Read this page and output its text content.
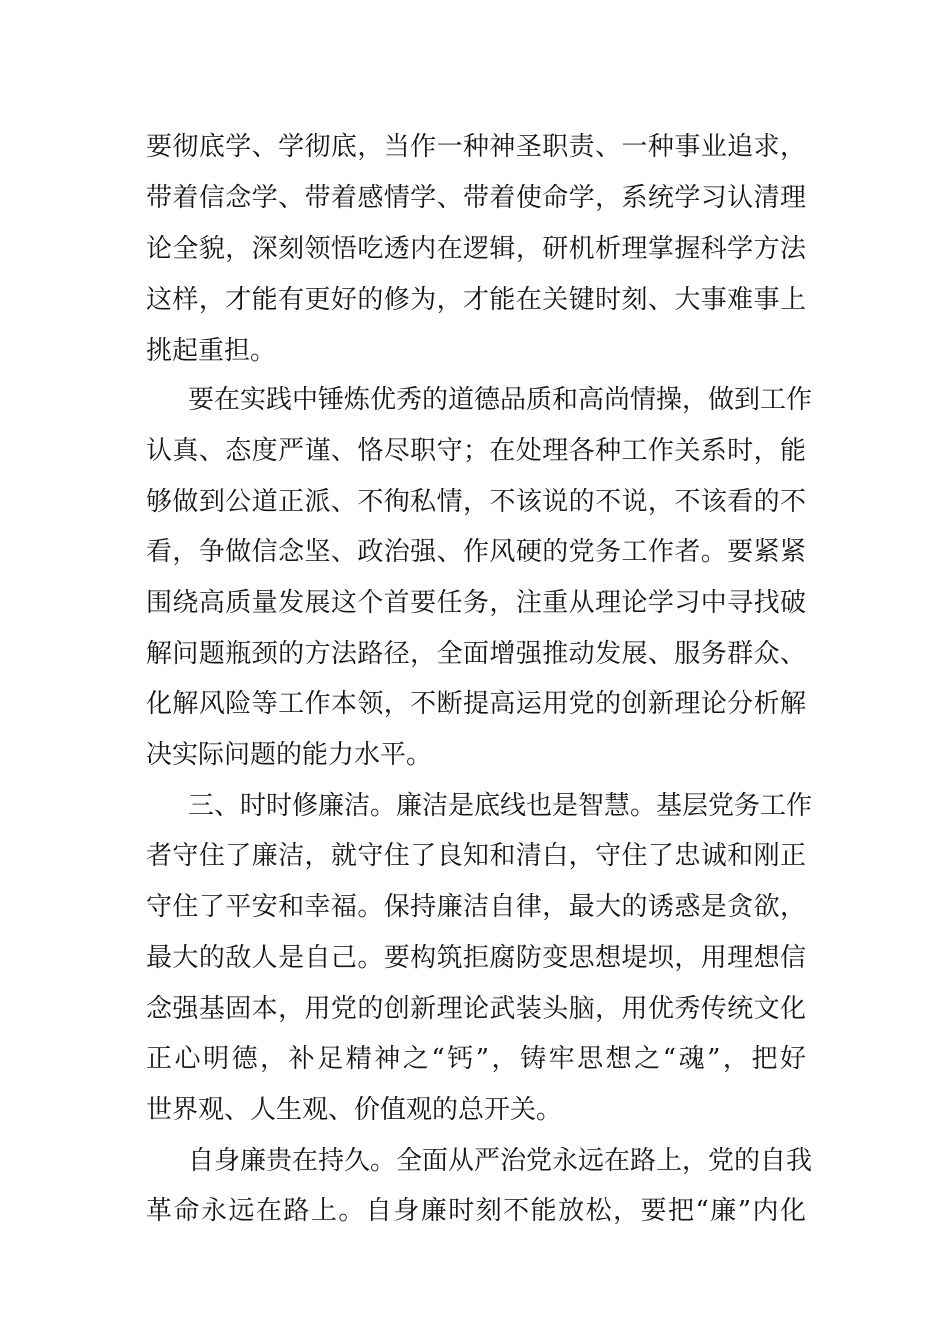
要彻底学、学彻底，当作一种神圣职责、一种事业追求，
带着信念学、带着感情学、带着使命学，系统学习认清理
论全貌，深刻领悟吃透内在逻辑，研机析理掌握科学方法
这样，才能有更好的修为，才能在关键时刻、大事难事上
挑起重担。
要在实践中锤炼优秀的道德品质和高尚情操，做到工作
认真、态度严谨、恪尽职守；在处理各种工作关系时，能
够做到公道正派、不徇私情，不该说的不说，不该看的不
看，争做信念坚、政治强、作风硬的党务工作者。要紧紧
围绕高质量发展这个首要任务，注重从理论学习中寻找破
解问题瓶颈的方法路径，全面增强推动发展、服务群众、
化解风险等工作本领，不断提高运用党的创新理论分析解
决实际问题的能力水平。
三、时时修廉洁。廉洁是底线也是智慧。基层党务工作
者守住了廉洁，就守住了良知和清白，守住了忠诚和刚正
守住了平安和幸福。保持廉洁自律，最大的诱惑是贪欲，
最大的敌人是自己。要构筑拒腐防变思想堤坝，用理想信
念强基固本，用党的创新理论武装头脑，用优秀传统文化
正心明德，补足精神之“钙”，铸牢思想之“魂”，把好
世界观、人生观、价值观的总开关。
自身廉贵在持久。全面从严治党永远在路上，党的自我
革命永远在路上。自身廉时刻不能放松，要把“廉”内化
